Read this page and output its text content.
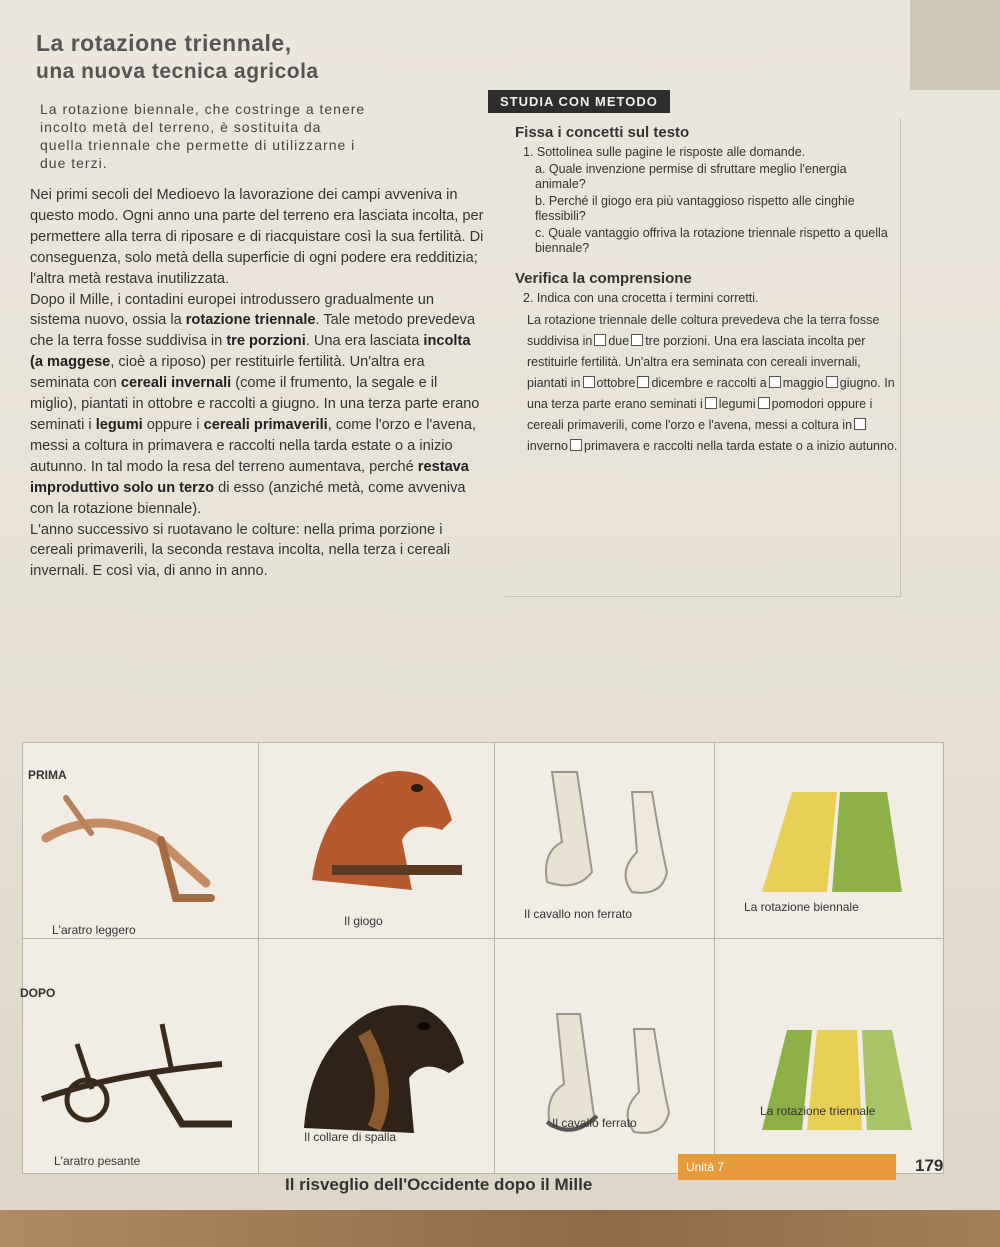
La rotazione triennale,
una nuova tecnica agricola
La rotazione biennale, che costringe a tenere
incolto metà del terreno, è sostituita da
quella triennale che permette di utilizzarne i
due terzi.

Nei primi secoli del Medioevo la lavorazione dei campi avveniva in questo modo. Ogni anno una parte del terreno era lasciata incolta, per permettere alla terra di riposare e di riacquistare così la sua fertilità. Di conseguenza, solo metà della superficie di ogni podere era redditizia; l'altra metà restava inutilizzata.

Dopo il Mille, i contadini europei introdussero gradualmente un sistema nuovo, ossia la rotazione triennale. Tale metodo prevedeva che la terra fosse suddivisa in tre porzioni. Una era lasciata incolta (a maggese, cioè a riposo) per restituirle fertilità. Un'altra era seminata con cereali invernali (come il frumento, la segale e il miglio), piantati in ottobre e raccolti a giugno. In una terza parte erano seminati i legumi oppure i cereali primaverili, come l'orzo e l'avena, messi a coltura in primavera e raccolti nella tarda estate o a inizio autunno. In tal modo la resa del terreno aumentava, perché restava improduttivo solo un terzo di esso (anziché metà, come avveniva con la rotazione biennale).

L'anno successivo si ruotavano le colture: nella prima porzione i cereali primaverili, la seconda restava incolta, nella terza i cereali invernali. E così via, di anno in anno.

STUDIA CON METODO
Fissa i concetti sul testo
1. Sottolinea sulle pagine le risposte alle domande.
a. Quale invenzione permise di sfruttare meglio l'energia animale?
b. Perché il giogo era più vantaggioso rispetto alle cinghie flessibili?
c. Quale vantaggio offriva la rotazione triennale rispetto a quella biennale?
Verifica la comprensione
2. Indica con una crocetta i termini corretti.
La rotazione triennale delle coltura prevedeva che la terra fosse suddivisa in due tre porzioni. Una era lasciata incolta per restituirle fertilità. Un'altra era seminata con cereali invernali, piantati in ottobre dicembre e raccolti a maggio giugno. In una terza parte erano seminati i legumi pomodori oppure i cereali primaverili, come l'orzo e l'avena, messi a coltura ininverno primavera e raccolti nella tarda estate o a inizio autunno.
PRIMA
DOPO
L'aratro leggero
Il giogo	Il cavallo non ferrato	La rotazione biennale
L'aratro pesante
Il collare di spalla
Il cavallo ferrato
La rotazione triennale
Unità 7	179
Il risveglio dell'Occidente dopo il Mille
